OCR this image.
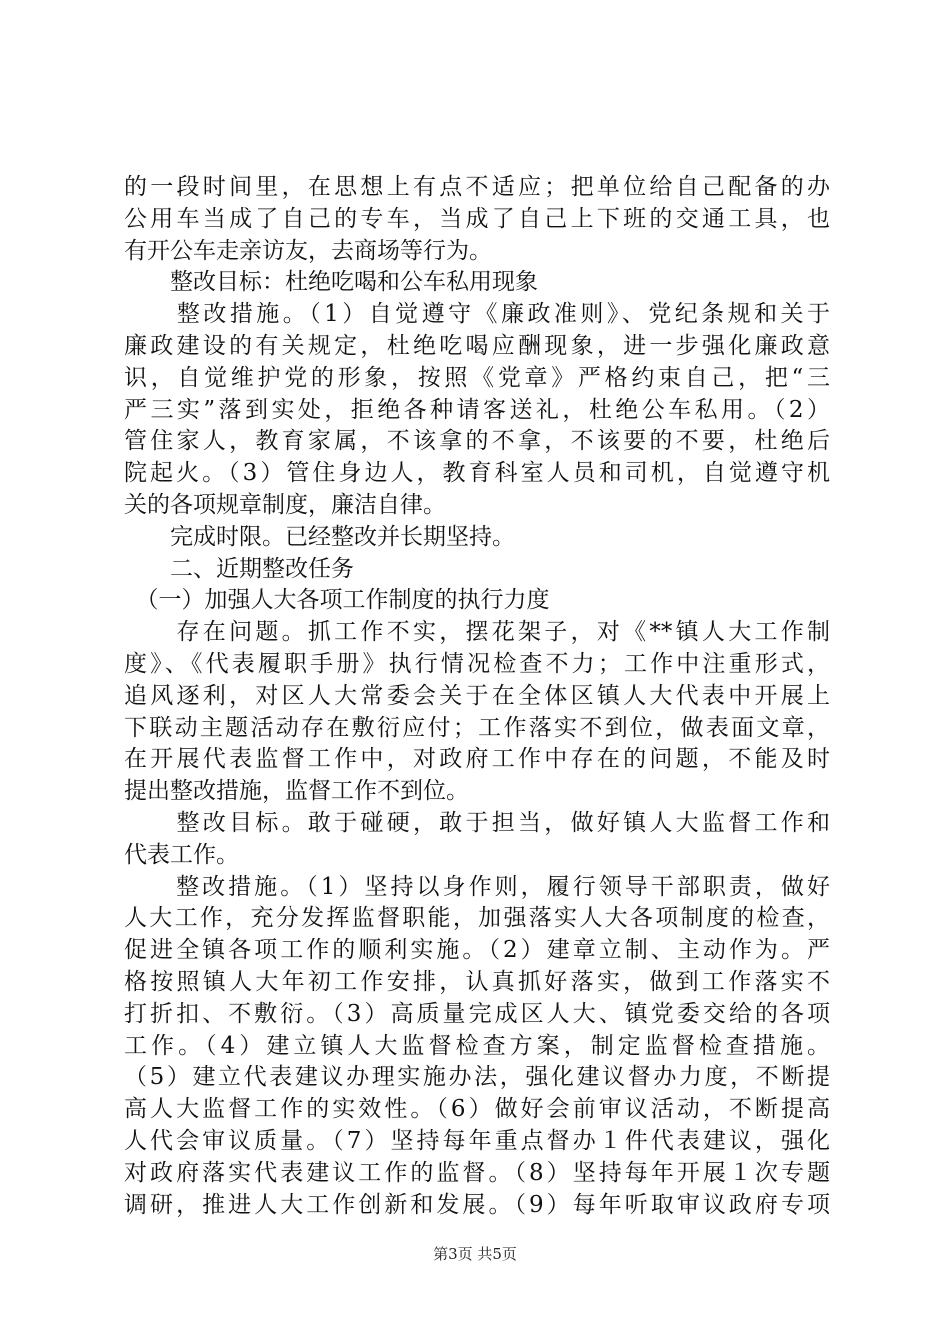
的一段时间里，在思想上有点不适应；把单位给自己配备的办
公用车当成了自己的专车，当成了自己上下班的交通工具，也
有开公车走亲访友，去商场等行为。
　　整改目标：杜绝吃喝和公车私用现象
　　整改措施。（1）自觉遵守《廉政准则》、党纪条规和关于
廉政建设的有关规定，杜绝吃喝应酬现象，进一步强化廉政意
识，自觉维护党的形象，按照《党章》严格约束自己，把“三
严三实”落到实处，拒绝各种请客送礼，杜绝公车私用。（2）
管住家人，教育家属，不该拿的不拿，不该要的不要，杜绝后
院起火。（3）管住身边人，教育科室人员和司机，自觉遵守机
关的各项规章制度，廉洁自律。
　　完成时限。已经整改并长期坚持。
　　二、近期整改任务
　（一）加强人大各项工作制度的执行力度
　　存在问题。抓工作不实，摆花架子，对《**镇人大工作制
度》、《代表履职手册》执行情况检查不力；工作中注重形式，
追风逐利，对区人大常委会关于在全体区镇人大代表中开展上
下联动主题活动存在敷衍应付；工作落实不到位，做表面文章，
在开展代表监督工作中，对政府工作中存在的问题，不能及时
提出整改措施，监督工作不到位。
　　整改目标。敢于碰硬，敢于担当，做好镇人大监督工作和
代表工作。
　　整改措施。（1）坚持以身作则，履行领导干部职责，做好
人大工作，充分发挥监督职能，加强落实人大各项制度的检查，
促进全镇各项工作的顺利实施。（2）建章立制、主动作为。严
格按照镇人大年初工作安排，认真抓好落实，做到工作落实不
打折扣、不敷衍。（3）高质量完成区人大、镇党委交给的各项
工作。（4）建立镇人大监督检查方案，制定监督检查措施。
（5）建立代表建议办理实施办法，强化建议督办力度，不断提
高人大监督工作的实效性。（6）做好会前审议活动，不断提高
人代会审议质量。（7）坚持每年重点督办１件代表建议，强化
对政府落实代表建议工作的监督。（8）坚持每年开展１次专题
调研，推进人大工作创新和发展。（9）每年听取审议政府专项
第3页 共5页
